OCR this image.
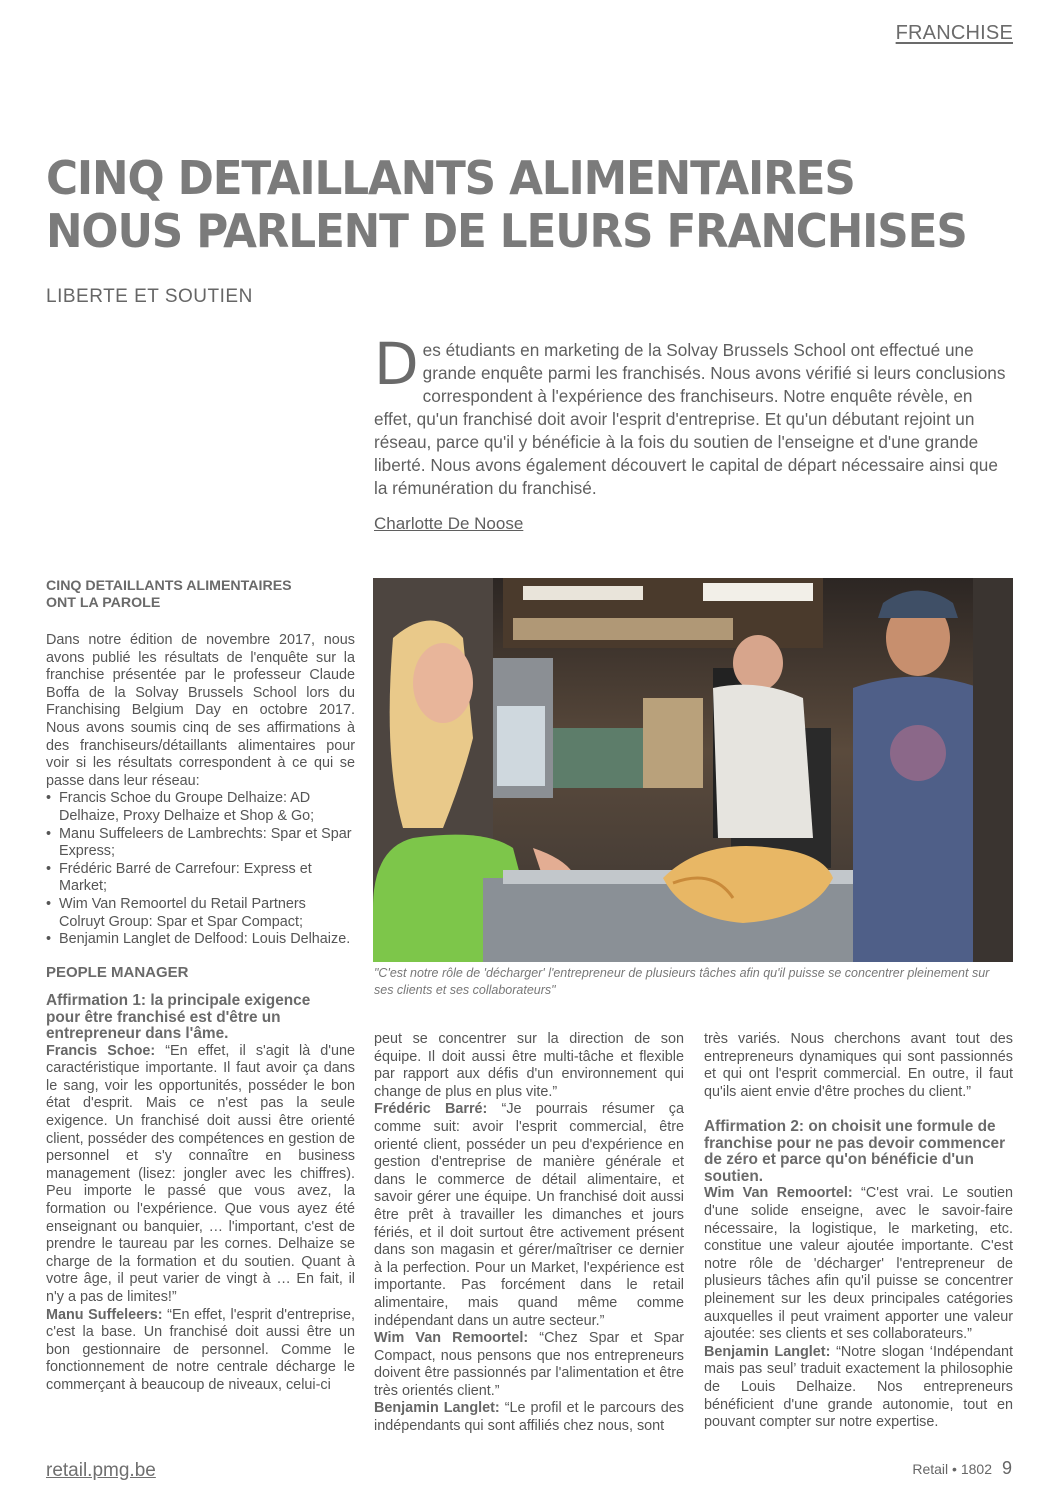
FRANCHISE
CINQ DETAILLANTS ALIMENTAIRES
NOUS PARLENT DE LEURS FRANCHISES
LIBERTE ET SOUTIEN

Des étudiants en marketing de la Solvay Brussels School ont effectué une grande enquête parmi les franchisés. Nous avons vérifié si leurs conclusions correspondent à l'expérience des franchiseurs. Notre enquête révèle, en effet, qu'un franchisé doit avoir l'esprit d'entreprise. Et qu'un débutant rejoint un réseau, parce qu'il y bénéficie à la fois du soutien de l'enseigne et d'une grande liberté. Nous avons également découvert le capital de départ nécessaire ainsi que la rémunération du franchisé.

Charlotte De Noose
CINQ DETAILLANTS ALIMENTAIRES ONT LA PAROLE

Dans notre édition de novembre 2017, nous avons publié les résultats de l'enquête sur la franchise présentée par le professeur Claude Boffa de la Solvay Brussels School lors du Franchising Belgium Day en octobre 2017. Nous avons soumis cinq de ses affirmations à des franchiseurs/détaillants alimentaires pour voir si les résultats correspondent à ce qui se passe dans leur réseau:

• Francis Schoe du Groupe Delhaize: AD Delhaize, Proxy Delhaize et Shop & Go;
• Manu Suffeleers de Lambrechts: Spar et Spar Express;
• Frédéric Barré de Carrefour: Express et Market;
• Wim Van Remoortel du Retail Partners Colruyt Group: Spar et Spar Compact;
• Benjamin Langlet de Delfood: Louis Delhaize.
PEOPLE MANAGER

Affirmation 1: la principale exigence pour être franchisé est d'être un entrepreneur dans l'âme.

Francis Schoe: “En effet, il s'agit là d'une caractéristique importante. Il faut avoir ça dans le sang, voir les opportunités, posséder le bon état d'esprit. Mais ce n'est pas la seule exigence. Un franchisé doit aussi être orienté client, posséder des compétences en gestion de personnel et s'y connaître en business management (lisez: jongler avec les chiffres). Peu importe le passé que vous avez, la formation ou l'expérience. Que vous ayez été enseignant ou banquier, … l'important, c'est de prendre le taureau par les cornes. Delhaize se charge de la formation et du soutien. Quant à votre âge, il peut varier de vingt à … En fait, il n'y a pas de limites!”

Manu Suffeleers: “En effet, l'esprit d'entreprise, c'est la base. Un franchisé doit aussi être un bon gestionnaire de personnel. Comme le fonctionnement de notre centrale décharge le commerçant à beaucoup de niveaux, celui-ci

"C'est notre rôle de 'décharger' l'entrepreneur de plusieurs tâches afin qu'il puisse se concentrer pleinement sur ses clients et ses collaborateurs"

peut se concentrer sur la direction de son équipe. Il doit aussi être multi-tâche et flexible par rapport aux défis d'un environnement qui change de plus en plus vite.”

Frédéric Barré: “Je pourrais résumer ça comme suit: avoir l'esprit commercial, être orienté client, posséder un peu d'expérience en gestion d'entreprise de manière générale et dans le commerce de détail alimentaire, et savoir gérer une équipe. Un franchisé doit aussi être prêt à travailler les dimanches et jours fériés, et il doit surtout être activement présent dans son magasin et gérer/maîtriser ce dernier à la perfection. Pour un Market, l'expérience est importante. Pas forcément dans le retail alimentaire, mais quand même comme indépendant dans un autre secteur.”

Wim Van Remoortel: “Chez Spar et Spar Compact, nous pensons que nos entrepreneurs doivent être passionnés par l'alimentation et être très orientés client.”

Benjamin Langlet: “Le profil et le parcours des indépendants qui sont affiliés chez nous, sont

très variés. Nous cherchons avant tout des entrepreneurs dynamiques qui sont passionnés et qui ont l'esprit commercial. En outre, il faut qu'ils aient envie d'être proches du client.”

Affirmation 2: on choisit une formule de franchise pour ne pas devoir commencer de zéro et parce qu'on bénéficie d'un soutien.

Wim Van Remoortel: “C'est vrai. Le soutien d'une solide enseigne, avec le savoir-faire nécessaire, la logistique, le marketing, etc. constitue une valeur ajoutée importante. C'est notre rôle de 'décharger' l'entrepreneur de plusieurs tâches afin qu'il puisse se concentrer pleinement sur les deux principales catégories auxquelles il peut vraiment apporter une valeur ajoutée: ses clients et ses collaborateurs.”

Benjamin Langlet: “Notre slogan ‘Indépendant mais pas seul’ traduit exactement la philosophie de Louis Delhaize. Nos entrepreneurs bénéficient d'une grande autonomie, tout en pouvant compter sur notre expertise.

retail.pmg.be	Retail • 1802 9
